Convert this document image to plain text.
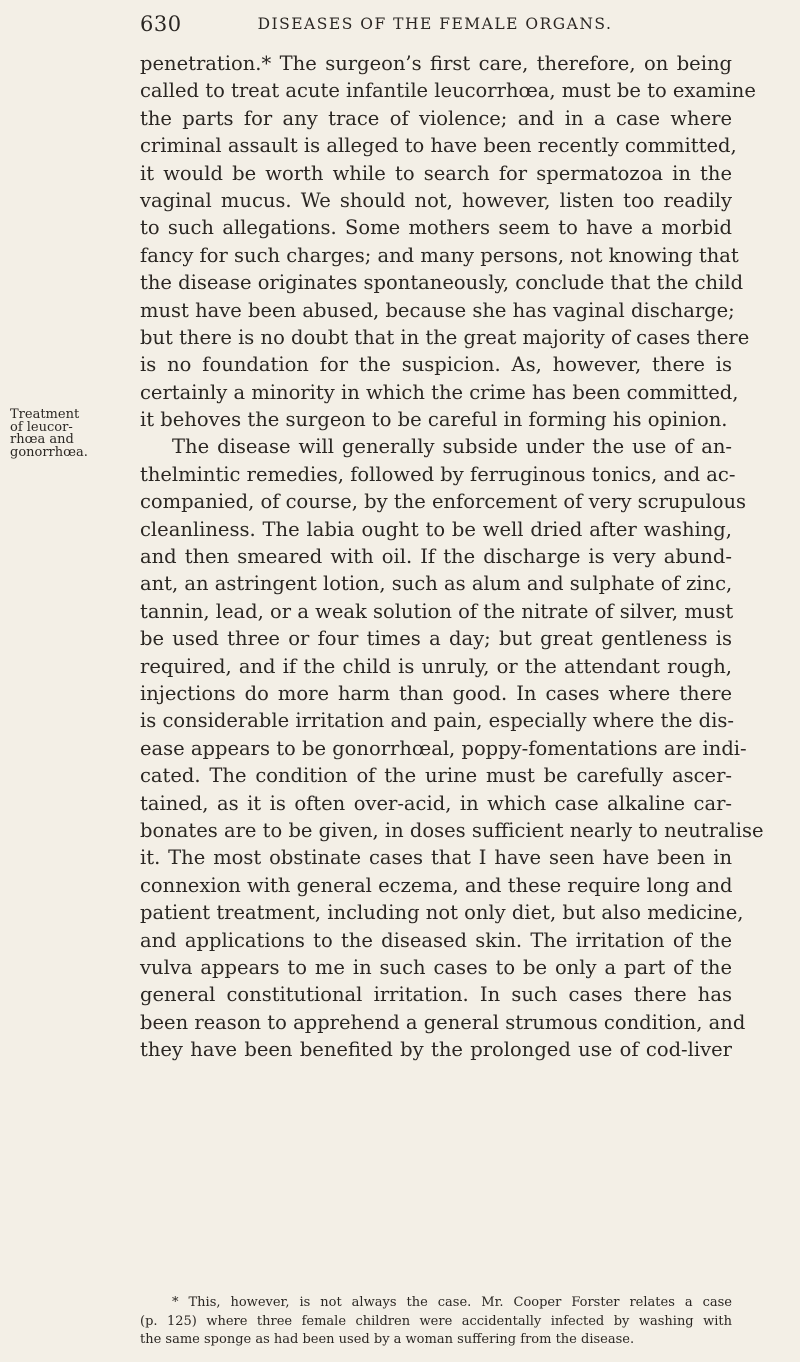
630	DISEASES OF THE FEMALE ORGANS.
Treatment
of leucor-
rhœa and
gonorrhœa.
penetration.* The surgeon’s first care, therefore, on being
called to treat acute infantile leucorrhœa, must be to examine
the parts for any trace of violence; and in a case where
criminal assault is alleged to have been recently committed,
it would be worth while to search for spermatozoa in the
vaginal mucus. We should not, however, listen too readily
to such allegations. Some mothers seem to have a morbid
fancy for such charges; and many persons, not knowing that
the disease originates spontaneously, conclude that the child
must have been abused, because she has vaginal discharge;
but there is no doubt that in the great majority of cases there
is no foundation for the suspicion. As, however, there is
certainly a minority in which the crime has been committed,
it behoves the surgeon to be careful in forming his opinion.
The disease will generally subside under the use of an-
thelmintic remedies, followed by ferruginous tonics, and ac-
companied, of course, by the enforcement of very scrupulous
cleanliness. The labia ought to be well dried after washing,
and then smeared with oil. If the discharge is very abund-
ant, an astringent lotion, such as alum and sulphate of zinc,
tannin, lead, or a weak solution of the nitrate of silver, must
be used three or four times a day; but great gentleness is
required, and if the child is unruly, or the attendant rough,
injections do more harm than good. In cases where there
is considerable irritation and pain, especially where the dis-
ease appears to be gonorrhœal, poppy-fomentations are indi-
cated. The condition of the urine must be carefully ascer-
tained, as it is often over-acid, in which case alkaline car-
bonates are to be given, in doses sufficient nearly to neutralise
it. The most obstinate cases that I have seen have been in
connexion with general eczema, and these require long and
patient treatment, including not only diet, but also medicine,
and applications to the diseased skin. The irritation of the
vulva appears to me in such cases to be only a part of the
general constitutional irritation. In such cases there has
been reason to apprehend a general strumous condition, and
they have been benefited by the prolonged use of cod-liver
* This, however, is not always the case. Mr. Cooper Forster relates a case
(p. 125) where three female children were accidentally infected by washing with
the same sponge as had been used by a woman suffering from the disease.
